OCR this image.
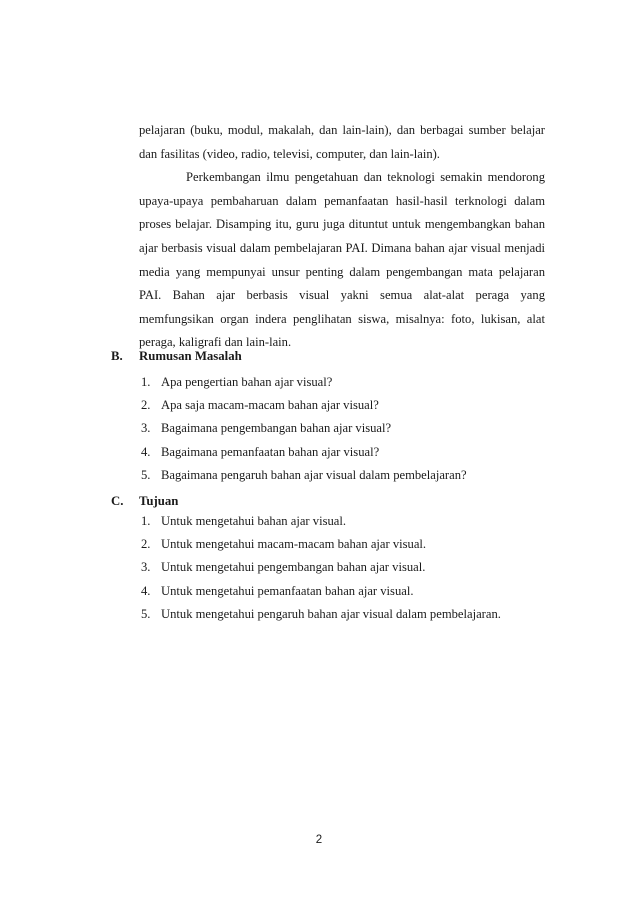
pelajaran (buku, modul, makalah, dan lain-lain), dan berbagai sumber belajar
dan fasilitas (video, radio, televisi, computer, dan lain-lain).
Perkembangan ilmu pengetahuan dan teknologi semakin mendorong
upaya-upaya pembaharuan dalam pemanfaatan hasil-hasil terknologi dalam
proses belajar. Disamping itu, guru juga dituntut untuk mengembangkan bahan
ajar berbasis visual dalam pembelajaran PAI. Dimana bahan ajar visual menjadi
media yang mempunyai unsur penting dalam pengembangan mata pelajaran
PAI. Bahan ajar berbasis visual yakni semua alat-alat peraga yang
memfungsikan organ indera penglihatan siswa, misalnya: foto, lukisan, alat
peraga, kaligrafi dan lain-lain.
B. Rumusan Masalah
1. Apa pengertian bahan ajar visual?
2. Apa saja macam-macam bahan ajar visual?
3. Bagaimana pengembangan bahan ajar visual?
4. Bagaimana pemanfaatan bahan ajar visual?
5. Bagaimana pengaruh bahan ajar visual dalam pembelajaran?
C. Tujuan
1. Untuk mengetahui bahan ajar visual.
2. Untuk mengetahui macam-macam bahan ajar visual.
3. Untuk mengetahui pengembangan bahan ajar visual.
4. Untuk mengetahui pemanfaatan bahan ajar visual.
5. Untuk mengetahui pengaruh bahan ajar visual dalam pembelajaran.
2
